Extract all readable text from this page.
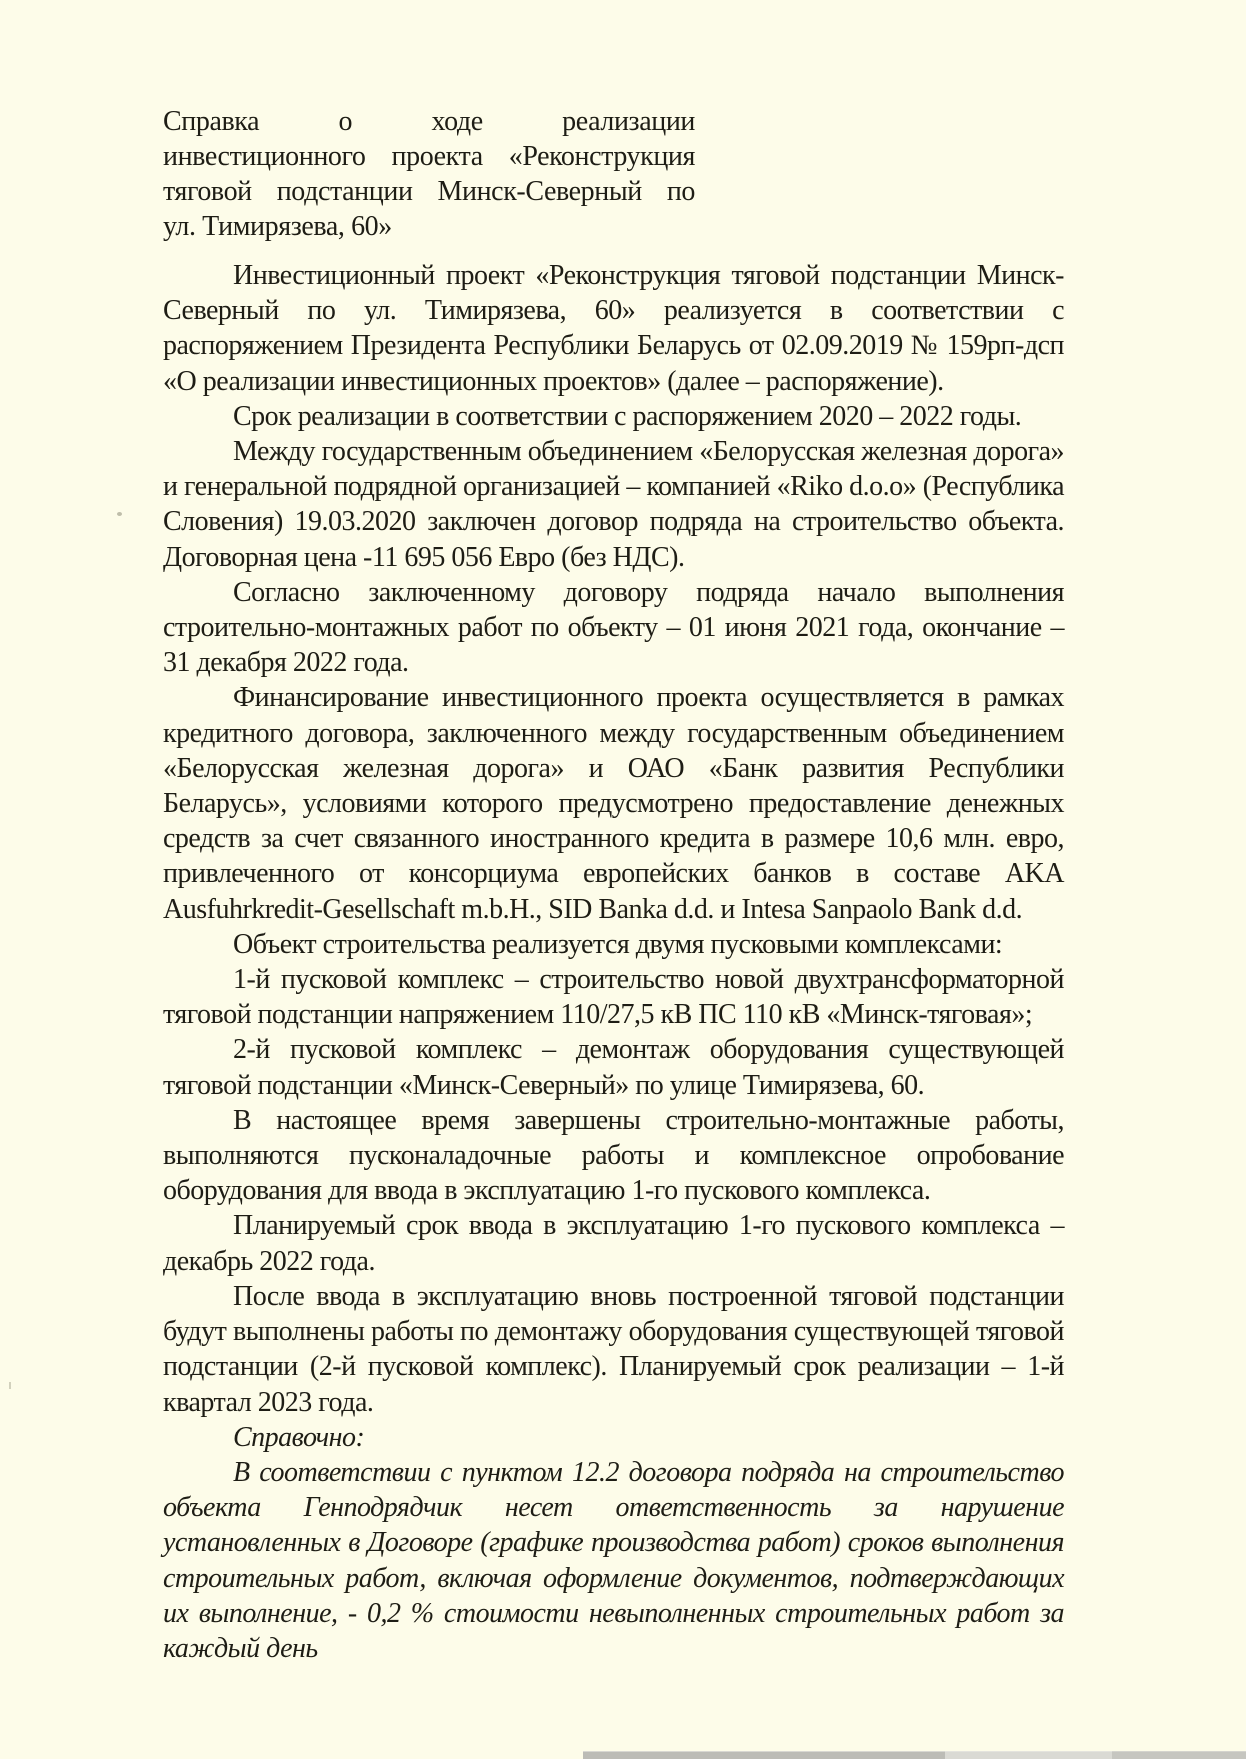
Справка о ходе реализации
инвестиционного проекта «Реконструкция
тяговой подстанции Минск-Северный по
ул. Тимирязева, 60»

Инвестиционный проект «Реконструкция тяговой подстанции Минск-Северный по ул. Тимирязева, 60» реализуется в соответствии с распоряжением Президента Республики Беларусь от 02.09.2019 № 159рп-дсп «О реализации инвестиционных проектов» (далее – распоряжение).

Срок реализации в соответствии с распоряжением 2020 – 2022 годы.

Между государственным объединением «Белорусская железная дорога» и генеральной подрядной организацией – компанией «Riko d.o.o» (Республика Словения) 19.03.2020 заключен договор подряда на строительство объекта. Договорная цена -11 695 056 Евро (без НДС).

Согласно заключенному договору подряда начало выполнения строительно-монтажных работ по объекту – 01 июня 2021 года, окончание – 31 декабря 2022 года.

Финансирование инвестиционного проекта осуществляется в рамках кредитного договора, заключенного между государственным объединением «Белорусская железная дорога» и ОАО «Банк развития Республики Беларусь», условиями которого предусмотрено предоставление денежных средств за счет связанного иностранного кредита в размере 10,6 млн. евро, привлеченного от консорциума европейских банков в составе AKA Ausfuhrkredit-Gesellschaft m.b.H., SID Banka d.d. и Intesa Sanpaolo Bank d.d.

Объект строительства реализуется двумя пусковыми комплексами:

1-й пусковой комплекс – строительство новой двухтрансформаторной тяговой подстанции напряжением 110/27,5 кВ ПС 110 кВ «Минск-тяговая»;

2-й пусковой комплекс – демонтаж оборудования существующей тяговой подстанции «Минск-Северный» по улице Тимирязева, 60.

В настоящее время завершены строительно-монтажные работы, выполняются пусконаладочные работы и комплексное опробование оборудования для ввода в эксплуатацию 1-го пускового комплекса.

Планируемый срок ввода в эксплуатацию 1-го пускового комплекса – декабрь 2022 года.

После ввода в эксплуатацию вновь построенной тяговой подстанции будут выполнены работы по демонтажу оборудования существующей тяговой подстанции (2-й пусковой комплекс). Планируемый срок реализации – 1-й квартал 2023 года.

Справочно:

В соответствии с пунктом 12.2 договора подряда на строительство объекта Генподрядчик несет ответственность за нарушение установленных в Договоре (графике производства работ) сроков выполнения строительных работ, включая оформление документов, подтверждающих их выполнение, - 0,2 % стоимости невыполненных строительных работ за каждый день
